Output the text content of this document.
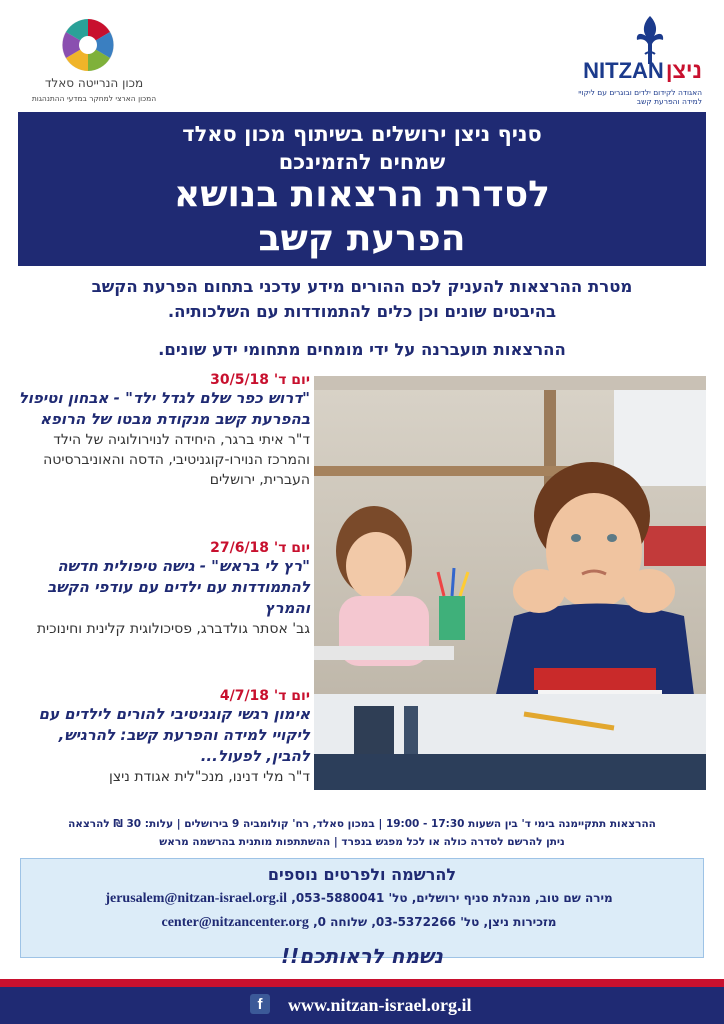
NITZANניצן
האגודה לקידום ילדים ובוגרים עם ליקויי למידה והפרעת קשב
מכון הנרייטה סאלד
המכון הארצי למחקר במדעי ההתנהגות
סניף ניצן ירושלים בשיתוף מכון סאלד
שמחים להזמינכם
לסדרת הרצאות בנושא
הפרעת קשב
מטרת ההרצאות להעניק לכם ההורים מידע עדכני בתחום הפרעת הקשב
בהיבטים שונים וכן כלים להתמודדות עם השלכותיה.
ההרצאות תועברנה על ידי מומחים מתחומי ידע שונים.
יום ד' 30/5/18
"דרוש כפר שלם לגדל ילד" - אבחון וטיפול בהפרעת קשב מנקודת מבטו של הרופא
ד"ר איתי ברגר, היחידה לנוירולוגיה של הילד והמרכז הנוירו-קוגניטיבי, הדסה והאוניברסיטה העברית, ירושלים
יום ד' 27/6/18
"רץ לי בראש" - גישה טיפולית חדשה להתמודדות עם ילדים עם עודפי הקשב והמרץ
גב' אסתר גולדברג, פסיכולוגית קלינית וחינוכית
יום ד' 4/7/18
אימון רגשי קוגניטיבי להורים לילדים עם ליקויי למידה והפרעת קשב: להרגיש, להבין, לפעול...
ד"ר מלי דנינו, מנכ"לית אגודת ניצן
ההרצאות תתקיימנה בימי ד' בין השעות 17:30 - 19:00 | במכון סאלד, רח' קולומביה 9 בירושלים | עלות: 30 ₪ להרצאה
ניתן להרשם לסדרה כולה או לכל מפגש בנפרד | ההשתתפות מותנית בהרשמה מראש
להרשמה ולפרטים נוספים
מירה שם טוב, מנהלת סניף ירושלים, טל' 053-5880041, jerusalem@nitzan-israel.org.il
מזכירות ניצן, טל' 03-5372266, שלוחה 0, center@nitzancenter.org
נשמח לראותכם!!
f	www.nitzan-israel.org.il
